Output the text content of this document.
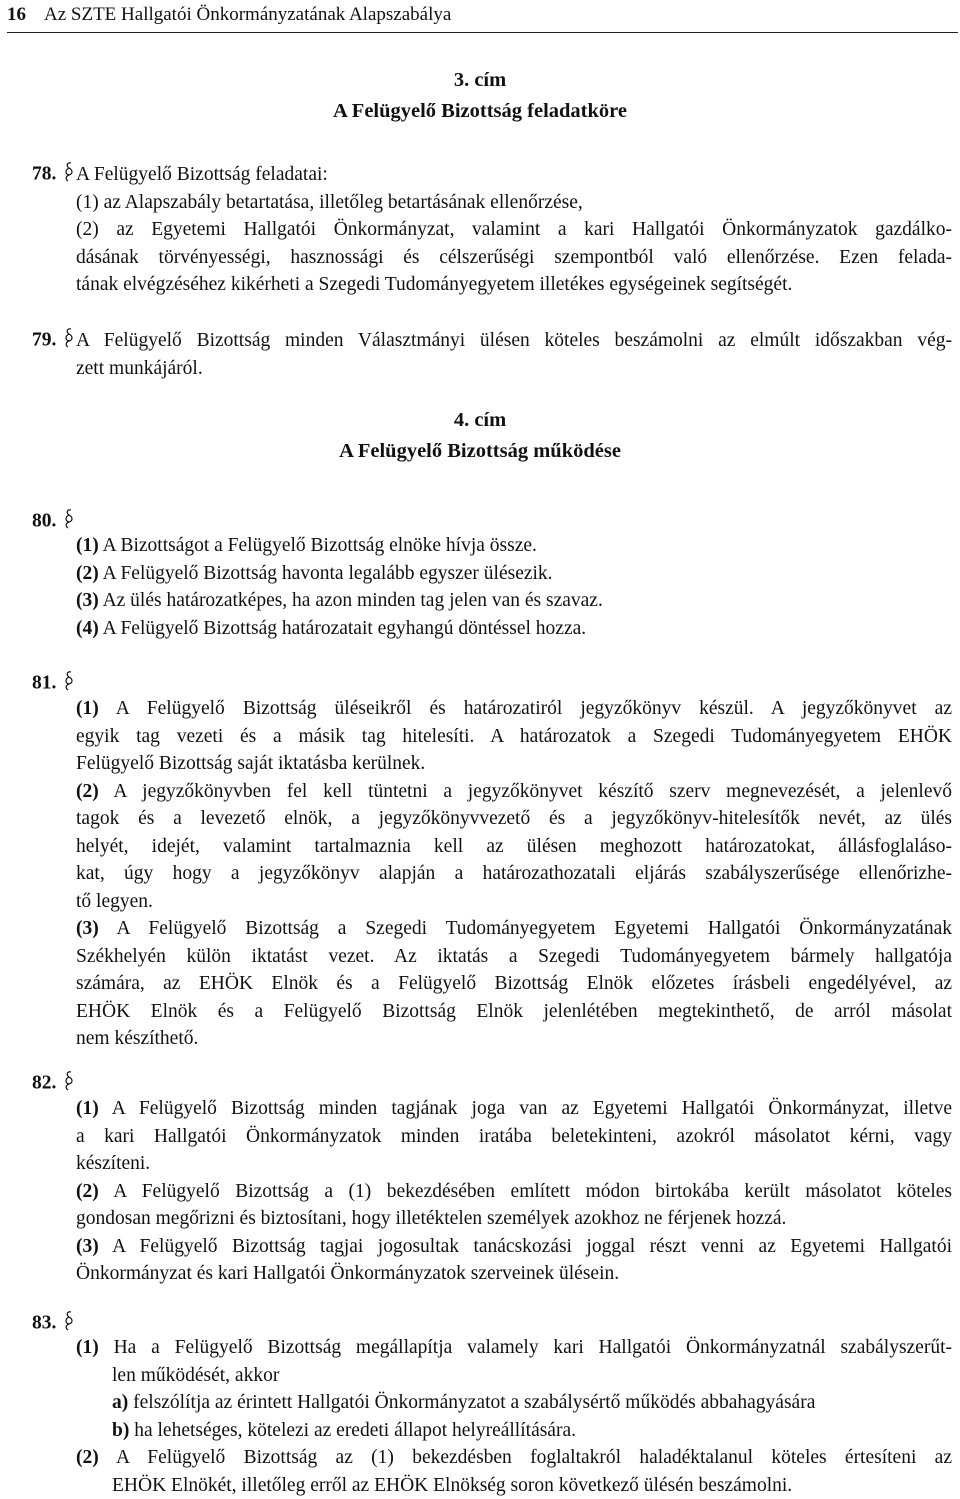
16 Az SZTE Hallgatói Önkormányzatának Alapszabálya
3. cím
A Felügyelő Bizottság feladatköre
78.	A Felügyelő Bizottság feladatai:
(1) az Alapszabály betartatása, illetőleg betartásának ellenőrzése,
(2) az Egyetemi Hallgatói Önkormányzat, valamint a kari Hallgatói Önkormányzatok gazdálko-
dásának törvényességi, hasznossági és célszerűségi szempontból való ellenőrzése. Ezen felada-
tának elvégzéséhez kikérheti a Szegedi Tudományegyetem illetékes egységeinek segítségét.
79.	A Felügyelő Bizottság minden Választmányi ülésen köteles beszámolni az elmúlt időszakban vég-
zett munkájáról.
4. cím
A Felügyelő Bizottság működése
80.
(1) A Bizottságot a Felügyelő Bizottság elnöke hívja össze.
(2) A Felügyelő Bizottság havonta legalább egyszer ülésezik.
(3) Az ülés határozatképes, ha azon minden tag jelen van és szavaz.
(4) A Felügyelő Bizottság határozatait egyhangú döntéssel hozza.
81.
(1) A Felügyelő Bizottság üléseikről és határozatiról jegyzőkönyv készül. A jegyzőkönyvet az
egyik tag vezeti és a másik tag hitelesíti. A határozatok a Szegedi Tudományegyetem EHÖK
Felügyelő Bizottság saját iktatásba kerülnek.
(2) A jegyzőkönyvben fel kell tüntetni a jegyzőkönyvet készítő szerv megnevezését, a jelenlevő
tagok és a levezető elnök, a jegyzőkönyvvezető és a jegyzőkönyv-hitelesítők nevét, az ülés
helyét, idejét, valamint tartalmaznia kell az ülésen meghozott határozatokat, állásfoglaláso-
kat, úgy hogy a jegyzőkönyv alapján a határozathozatali eljárás szabályszerűsége ellenőrizhe-
tő legyen.
(3) A Felügyelő Bizottság a Szegedi Tudományegyetem Egyetemi Hallgatói Önkormányzatának
Székhelyén külön iktatást vezet. Az iktatás a Szegedi Tudományegyetem bármely hallgatója
számára, az EHÖK Elnök és a Felügyelő Bizottság Elnök előzetes írásbeli engedélyével, az
EHÖK Elnök és a Felügyelő Bizottság Elnök jelenlétében megtekinthető, de arról másolat
nem készíthető.
82.
(1) A Felügyelő Bizottság minden tagjának joga van az Egyetemi Hallgatói Önkormányzat, illetve
a kari Hallgatói Önkormányzatok minden iratába beletekinteni, azokról másolatot kérni, vagy
készíteni.
(2) A Felügyelő Bizottság a (1) bekezdésében említett módon birtokába került másolatot köteles
gondosan megőrizni és biztosítani, hogy illetéktelen személyek azokhoz ne férjenek hozzá.
(3) A Felügyelő Bizottság tagjai jogosultak tanácskozási joggal részt venni az Egyetemi Hallgatói
Önkormányzat és kari Hallgatói Önkormányzatok szerveinek ülésein.
83.
(1) Ha a Felügyelő Bizottság megállapítja valamely kari Hallgatói Önkormányzatnál szabályszerűt-
len működését, akkor
a) felszólítja az érintett Hallgatói Önkormányzatot a szabálysértő működés abbahagyására
b) ha lehetséges, kötelezi az eredeti állapot helyreállítására.
(2) A Felügyelő Bizottság az (1) bekezdésben foglaltakról haladéktalanul köteles értesíteni az
EHÖK Elnökét, illetőleg erről az EHÖK Elnökség soron következő ülésén beszámolni.
